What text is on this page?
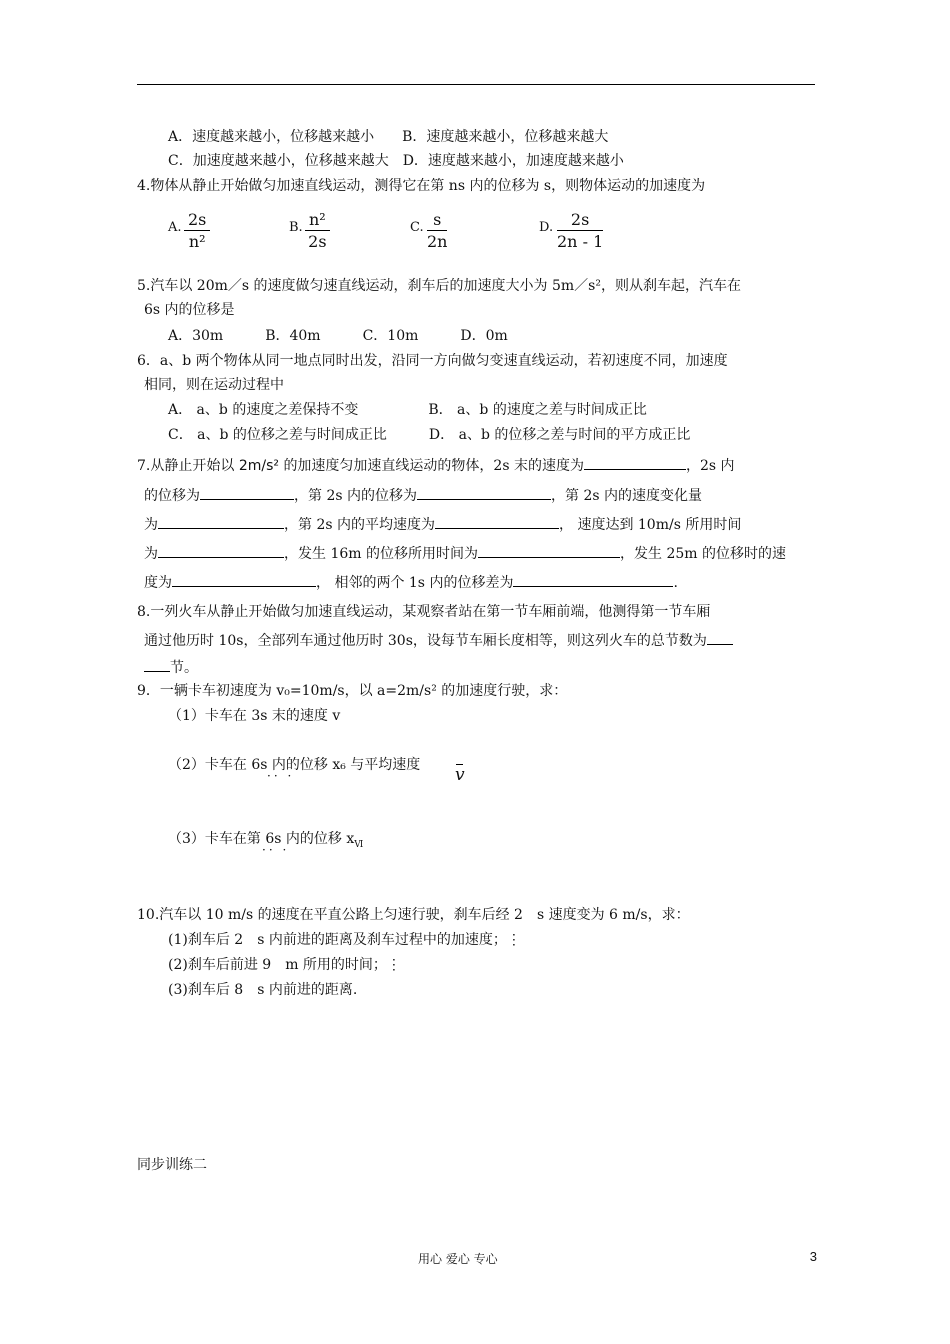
A．速度越来越小，位移越来越小　　B．速度越来越小，位移越来越大
C．加速度越来越小，位移越来越大　D．速度越来越小，加速度越来越小
4.物体从静止开始做匀加速直线运动，测得它在第 ns 内的位移为 s，则物体运动的加速度为
A. $\frac{2s}{\text{n²}}$	B. $\frac{\text{n²}}{2s}$	C. $\frac{s}{2n}$	D. $\frac{2s}{2n - 1}$
5.汽车以 20m／s 的速度做匀速直线运动，刹车后的加速度大小为 5m／s²，则从刹车起，汽车在
6s 内的位移是
A．30m　　　B．40m　　　C．10m　　　D．0m
6．a、b 两个物体从同一地点同时出发，沿同一方向做匀变速直线运动，若初速度不同，加速度
相同，则在运动过程中
A． a、b 的速度之差保持不变　　　　　B． a、b 的速度之差与时间成正比
C． a、b 的位移之差与时间成正比　　　D． a、b 的位移之差与时间的平方成正比
7.从静止开始以 2m/s² 的加速度匀加速直线运动的物体，2s 末的速度为	，2s 内
的位移为	，第 2s 内的位移为	，第 2s 内的速度变化量
为	，第 2s 内的平均速度为	， 速度达到 10m/s 所用时间
为	，发生 16m 的位移所用时间为	，发生 25m 的位移时的速
度为	， 相邻的两个 1s 内的位移差为	.
8.一列火车从静止开始做匀加速直线运动，某观察者站在第一节车厢前端，他测得第一节车厢
通过他历时 10s，全部列车通过他历时 30s，设每节车厢长度相等，则这列火车的总节数为
节。
9．一辆卡车初速度为 v₀=10m/s，以 a=2m/s² 的加速度行驶，求：
（1）卡车在 3s 末的速度 v
（2）卡车在 6s 内的位移 x₆ 与平均速度 v
·· ·
（3）卡车在第 6s 内的位移 $x_Ⅵ$
·· ·
10.汽车以 10 m/s 的速度在平直公路上匀速行驶，刹车后经 2　s 速度变为 6 m/s，求：
(1)刹车后 2　s 内前进的距离及刹车过程中的加速度；⋮
(2)刹车后前进 9　m 所用的时间；⋮
(3)刹车后 8　s 内前进的距离.
同步训练二
用心 爱心 专心	3
